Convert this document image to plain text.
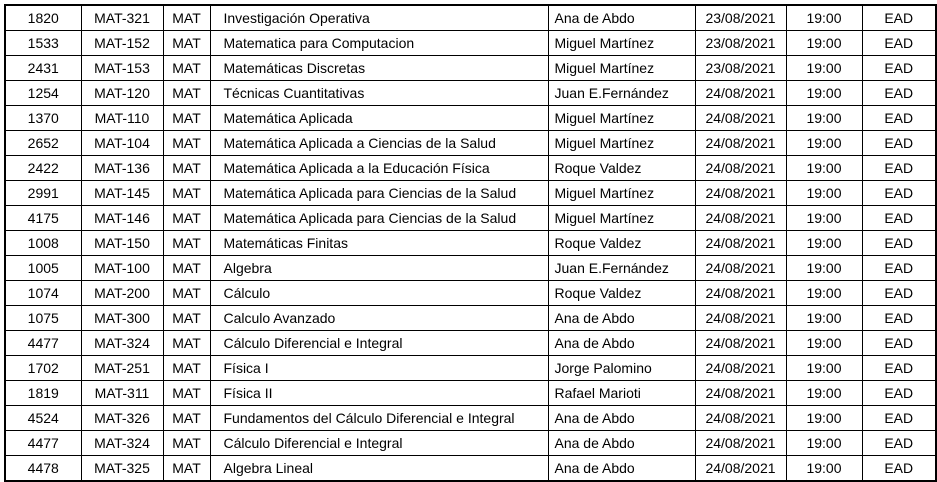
1820	MAT-321	MAT	Investigación Operativa	Ana de Abdo	23/08/2021	19:00	EAD
1533	MAT-152	MAT	Matematica para Computacion	Miguel Martínez	23/08/2021	19:00	EAD
2431	MAT-153	MAT	Matemáticas Discretas	Miguel Martínez	23/08/2021	19:00	EAD
1254	MAT-120	MAT	Técnicas Cuantitativas	Juan E.Fernández	24/08/2021	19:00	EAD
1370	MAT-110	MAT	Matemática Aplicada	Miguel Martínez	24/08/2021	19:00	EAD
2652	MAT-104	MAT	Matemática Aplicada a Ciencias de la Salud	Miguel Martínez	24/08/2021	19:00	EAD
2422	MAT-136	MAT	Matemática Aplicada a la Educación Física	Roque Valdez	24/08/2021	19:00	EAD
2991	MAT-145	MAT	Matemática Aplicada para Ciencias de la Salud	Miguel Martínez	24/08/2021	19:00	EAD
4175	MAT-146	MAT	Matemática Aplicada para Ciencias de la Salud	Miguel Martínez	24/08/2021	19:00	EAD
1008	MAT-150	MAT	Matemáticas Finitas	Roque Valdez	24/08/2021	19:00	EAD
1005	MAT-100	MAT	Algebra	Juan E.Fernández	24/08/2021	19:00	EAD
1074	MAT-200	MAT	Cálculo	Roque Valdez	24/08/2021	19:00	EAD
1075	MAT-300	MAT	Calculo Avanzado	Ana de Abdo	24/08/2021	19:00	EAD
4477	MAT-324	MAT	Cálculo Diferencial e Integral	Ana de Abdo	24/08/2021	19:00	EAD
1702	MAT-251	MAT	Física I	Jorge Palomino	24/08/2021	19:00	EAD
1819	MAT-311	MAT	Física II	Rafael Marioti	24/08/2021	19:00	EAD
4524	MAT-326	MAT	Fundamentos del Cálculo Diferencial e Integral	Ana de Abdo	24/08/2021	19:00	EAD
4477	MAT-324	MAT	Cálculo Diferencial e Integral	Ana de Abdo	24/08/2021	19:00	EAD
4478	MAT-325	MAT	Algebra Lineal	Ana de Abdo	24/08/2021	19:00	EAD
